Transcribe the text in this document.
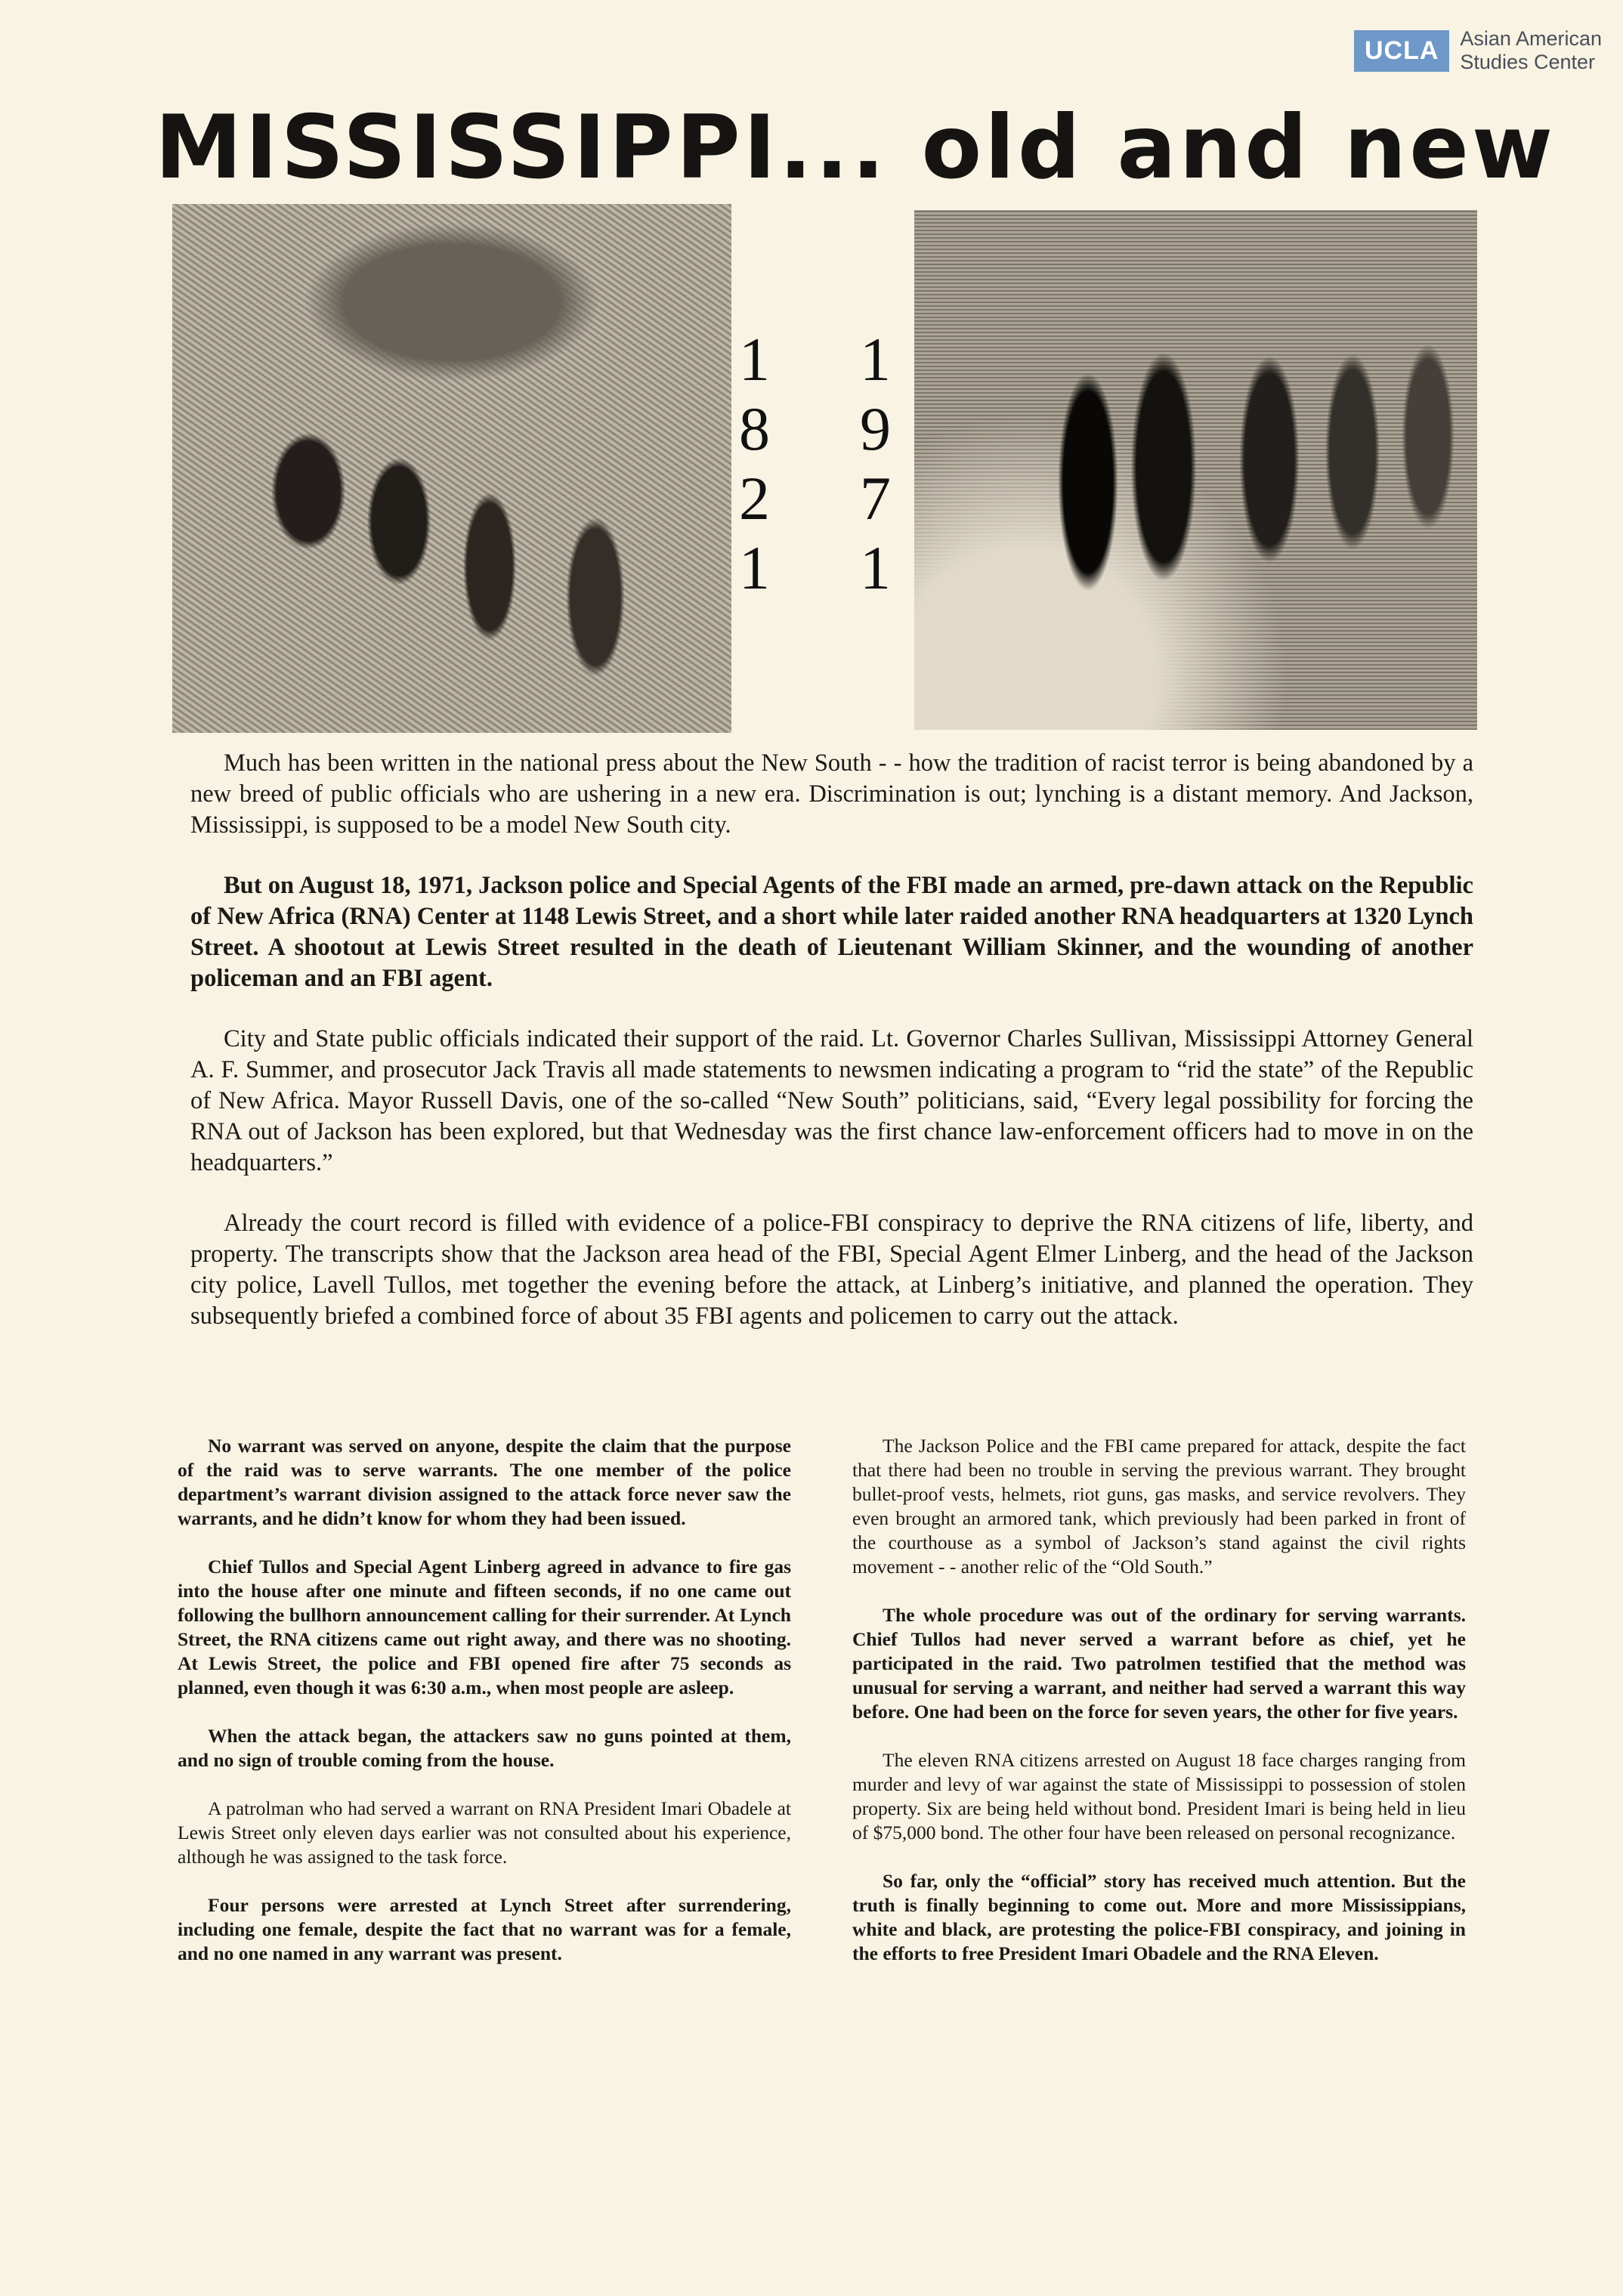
UCLA	Asian American
Studies Center
MISSISSIPPI... old and new
1
8
2
1
1
9
7
1

Much has been written in the national press about the New South - - how the tradition of racist terror is being abandoned by a new breed of public officials who are ushering in a new era. Discrimination is out; lynching is a distant memory. And Jackson, Mississippi, is supposed to be a model New South city.

But on August 18, 1971, Jackson police and Special Agents of the FBI made an armed, pre-dawn attack on the Republic of New Africa (RNA) Center at 1148 Lewis Street, and a short while later raided another RNA headquarters at 1320 Lynch Street. A shootout at Lewis Street resulted in the death of Lieutenant William Skinner, and the wounding of another policeman and an FBI agent.

City and State public officials indicated their support of the raid. Lt. Governor Charles Sullivan, Mississippi Attorney General A. F. Summer, and prosecutor Jack Travis all made statements to newsmen indicating a program to “rid the state” of the Republic of New Africa. Mayor Russell Davis, one of the so-called “New South” politicians, said, “Every legal possibility for forcing the RNA out of Jackson has been explored, but that Wednesday was the first chance law-enforcement officers had to move in on the headquarters.”

Already the court record is filled with evidence of a police-FBI conspiracy to deprive the RNA citizens of life, liberty, and property. The transcripts show that the Jackson area head of the FBI, Special Agent Elmer Linberg, and the head of the Jackson city police, Lavell Tullos, met together the evening before the attack, at Linberg’s initiative, and planned the operation. They subsequently briefed a combined force of about 35 FBI agents and policemen to carry out the attack.

No warrant was served on anyone, despite the claim that the purpose of the raid was to serve warrants. The one member of the police department’s warrant division assigned to the attack force never saw the warrants, and he didn’t know for whom they had been issued.

Chief Tullos and Special Agent Linberg agreed in advance to fire gas into the house after one minute and fifteen seconds, if no one came out following the bullhorn announcement calling for their surrender. At Lynch Street, the RNA citizens came out right away, and there was no shooting. At Lewis Street, the police and FBI opened fire after 75 seconds as planned, even though it was 6:30 a.m., when most people are asleep.

When the attack began, the attackers saw no guns pointed at them, and no sign of trouble coming from the house.

A patrolman who had served a warrant on RNA President Imari Obadele at Lewis Street only eleven days earlier was not consulted about his experience, although he was assigned to the task force.

Four persons were arrested at Lynch Street after surrendering, including one female, despite the fact that no warrant was for a female, and no one named in any warrant was present.

The Jackson Police and the FBI came prepared for attack, despite the fact that there had been no trouble in serving the previous warrant. They brought bullet-proof vests, helmets, riot guns, gas masks, and service revolvers. They even brought an armored tank, which previously had been parked in front of the courthouse as a symbol of Jackson’s stand against the civil rights movement - - another relic of the “Old South.”

The whole procedure was out of the ordinary for serving warrants. Chief Tullos had never served a warrant before as chief, yet he participated in the raid. Two patrolmen testified that the method was unusual for serving a warrant, and neither had served a warrant this way before. One had been on the force for seven years, the other for five years.

The eleven RNA citizens arrested on August 18 face charges ranging from murder and levy of war against the state of Mississippi to possession of stolen property. Six are being held without bond. President Imari is being held in lieu of $75,000 bond. The other four have been released on personal recognizance.

So far, only the “official” story has received much attention. But the truth is finally beginning to come out. More and more Mississippians, white and black, are protesting the police-FBI conspiracy, and joining in the efforts to free President Imari Obadele and the RNA Eleven.
